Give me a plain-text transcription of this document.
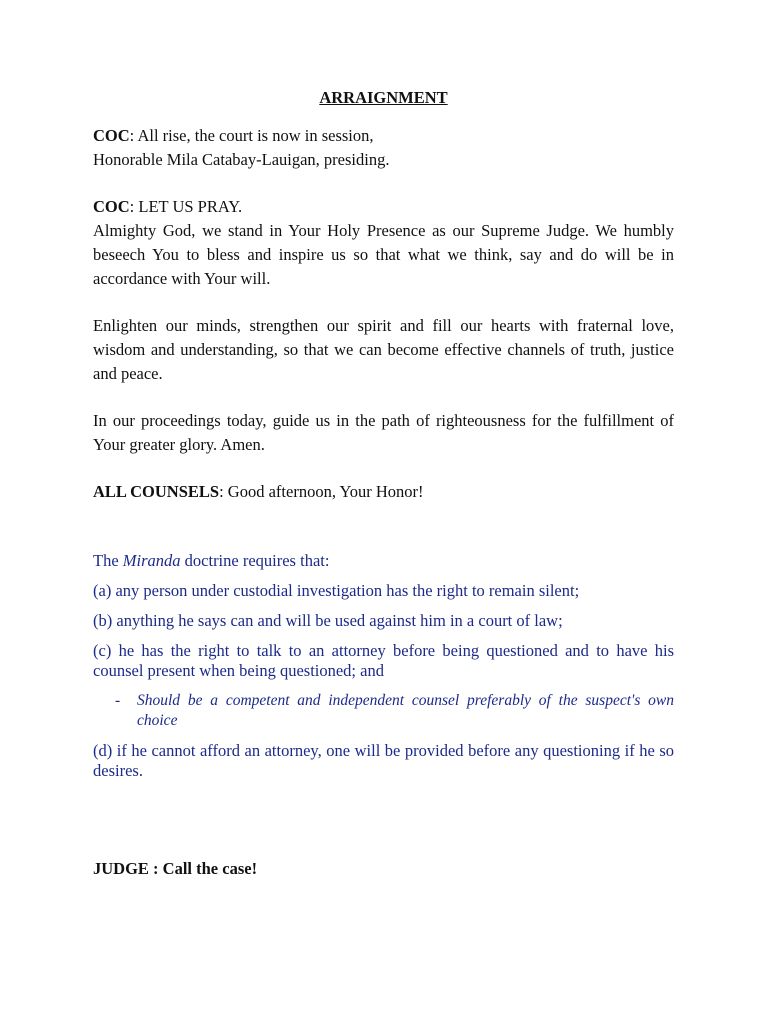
ARRAIGNMENT

COC: All rise, the court is now in session,

Honorable Mila Catabay-Lauigan, presiding.

COC: LET US PRAY.

Almighty God, we stand in Your Holy Presence as our Supreme Judge. We humbly beseech You to bless and inspire us so that what we think, say and do will be in accordance with Your will.

Enlighten our minds, strengthen our spirit and fill our hearts with fraternal love, wisdom and understanding, so that we can become effective channels of truth, justice and peace.

In our proceedings today, guide us in the path of righteousness for the fulfillment of Your greater glory. Amen.

ALL COUNSELS: Good afternoon, Your Honor!

The Miranda doctrine requires that:

(a) any person under custodial investigation has the right to remain silent;

(b) anything he says can and will be used against him in a court of law;

(c) he has the right to talk to an attorney before being questioned and to have his counsel present when being questioned; and

-	Should be a competent and independent counsel preferably of the suspect's own choice

(d) if he cannot afford an attorney, one will be provided before any questioning if he so desires.

JUDGE : Call the case!
